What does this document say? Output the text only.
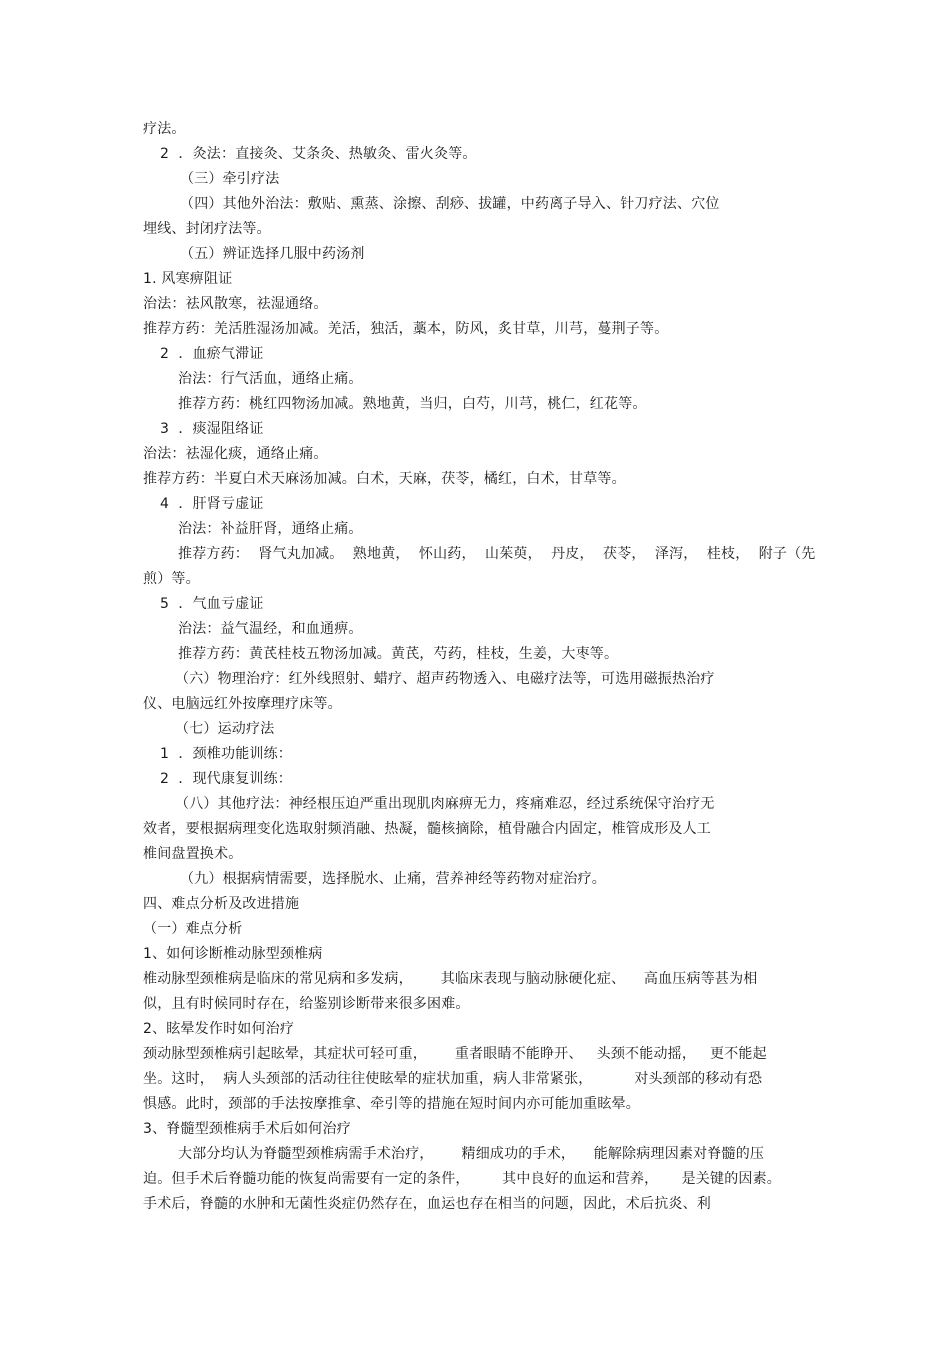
疗法。
2  ．灸法：直接灸、艾条灸、热敏灸、雷火灸等。
（三）牵引疗法
（四）其他外治法：敷贴、熏蒸、涂擦、刮痧、拔罐，中药离子导入、针刀疗法、穴位
埋线、封闭疗法等。
（五）辨证选择几服中药汤剂
1. 风寒痹阻证
治法：祛风散寒，祛湿通络。
推荐方药：羌活胜湿汤加减。羌活，独活，藁本，防风，炙甘草，川芎，蔓荆子等。
2  ．血瘀气滞证
治法：行气活血，通络止痛。
推荐方药：桃红四物汤加减。熟地黄，当归，白芍，川芎，桃仁，红花等。
3  ．痰湿阻络证
治法：祛湿化痰，通络止痛。
推荐方药：半夏白术天麻汤加减。白术，天麻，茯苓，橘红，白术，甘草等。
4  ．肝肾亏虚证
治法：补益肝肾，通络止痛。
推荐方药：  肾气丸加减。  熟地黄，  怀山药，  山茱萸，  丹皮，  茯苓，  泽泻，  桂枝，  附子（先
煎）等。
5  ．气血亏虚证
治法：益气温经，和血通痹。
推荐方药：黄芪桂枝五物汤加减。黄芪，芍药，桂枝，生姜，大枣等。
（六）物理治疗：红外线照射、蜡疗、超声药物透入、电磁疗法等，可选用磁振热治疗
仪、电脑远红外按摩理疗床等。
（七）运动疗法
1  ．颈椎功能训练：
2  ．现代康复训练：
（八）其他疗法：神经根压迫严重出现肌肉麻痹无力，疼痛难忍，经过系统保守治疗无
效者，要根据病理变化选取射频消融、热凝，髓核摘除，植骨融合内固定，椎管成形及人工
椎间盘置换术。
（九）根据病情需要，选择脱水、止痛，营养神经等药物对症治疗。
四、难点分析及改进措施
（一）难点分析
1、如何诊断椎动脉型颈椎病
椎动脉型颈椎病是临床的常见病和多发病，      其临床表现与脑动脉硬化症、    高血压病等甚为相
似，且有时候同时存在，给鉴别诊断带来很多困难。
2、眩晕发作时如何治疗
颈动脉型颈椎病引起眩晕，其症状可轻可重，      重者眼睛不能睁开、   头颈不能动摇，   更不能起
坐。这时，  病人头颈部的活动往往使眩晕的症状加重，病人非常紧张，         对头颈部的移动有恐
惧感。此时，颈部的手法按摩推拿、牵引等的措施在短时间内亦可能加重眩晕。
3、脊髓型颈椎病手术后如何治疗
大部分均认为脊髓型颈椎病需手术治疗，      精细成功的手术，    能解除病理因素对脊髓的压
迫。但手术后脊髓功能的恢复尚需要有一定的条件，       其中良好的血运和营养，     是关键的因素。
手术后，脊髓的水肿和无菌性炎症仍然存在，血运也存在相当的问题，因此，术后抗炎、利
